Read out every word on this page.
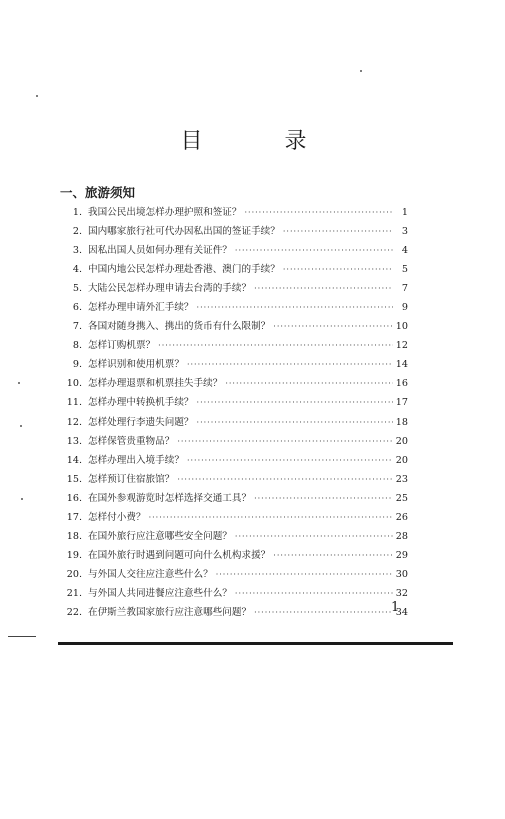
目　录
一、旅游须知
1. 我国公民出境怎样办理护照和签证？ ·····	1
2. 国内哪家旅行社可代办因私出国的签证手续？ ·····	3
3. 因私出国人员如何办理有关证件？ ·····	4
4. 中国内地公民怎样办理赴香港、澳门的手续？ ·····	5
5. 大陆公民怎样办理申请去台湾的手续？ ·····	7
6. 怎样办理申请外汇手续？ ·····	9
7. 各国对随身携入、携出的货币有什么限制？ ·····	10
8. 怎样订购机票？ ·····	12
9. 怎样识别和使用机票？ ·····	14
10. 怎样办理退票和机票挂失手续？ ·····	16
11. 怎样办理中转换机手续？ ·····	17
12. 怎样处理行李遗失问题？ ·····	18
13. 怎样保管贵重物品？ ·····	20
14. 怎样办理出入境手续？ ·····	20
15. 怎样预订住宿旅馆？ ·····	23
16. 在国外参观游览时怎样选择交通工具？ ·····	25
17. 怎样付小费？ ·····	26
18. 在国外旅行应注意哪些安全问题？ ·····	28
19. 在国外旅行时遇到问题可向什么机构求援？ ·····	29
20. 与外国人交往应注意些什么？ ·····	30
21. 与外国人共同进餐应注意些什么？ ·····	32
22. 在伊斯兰教国家旅行应注意哪些问题？ ·····	34
1
